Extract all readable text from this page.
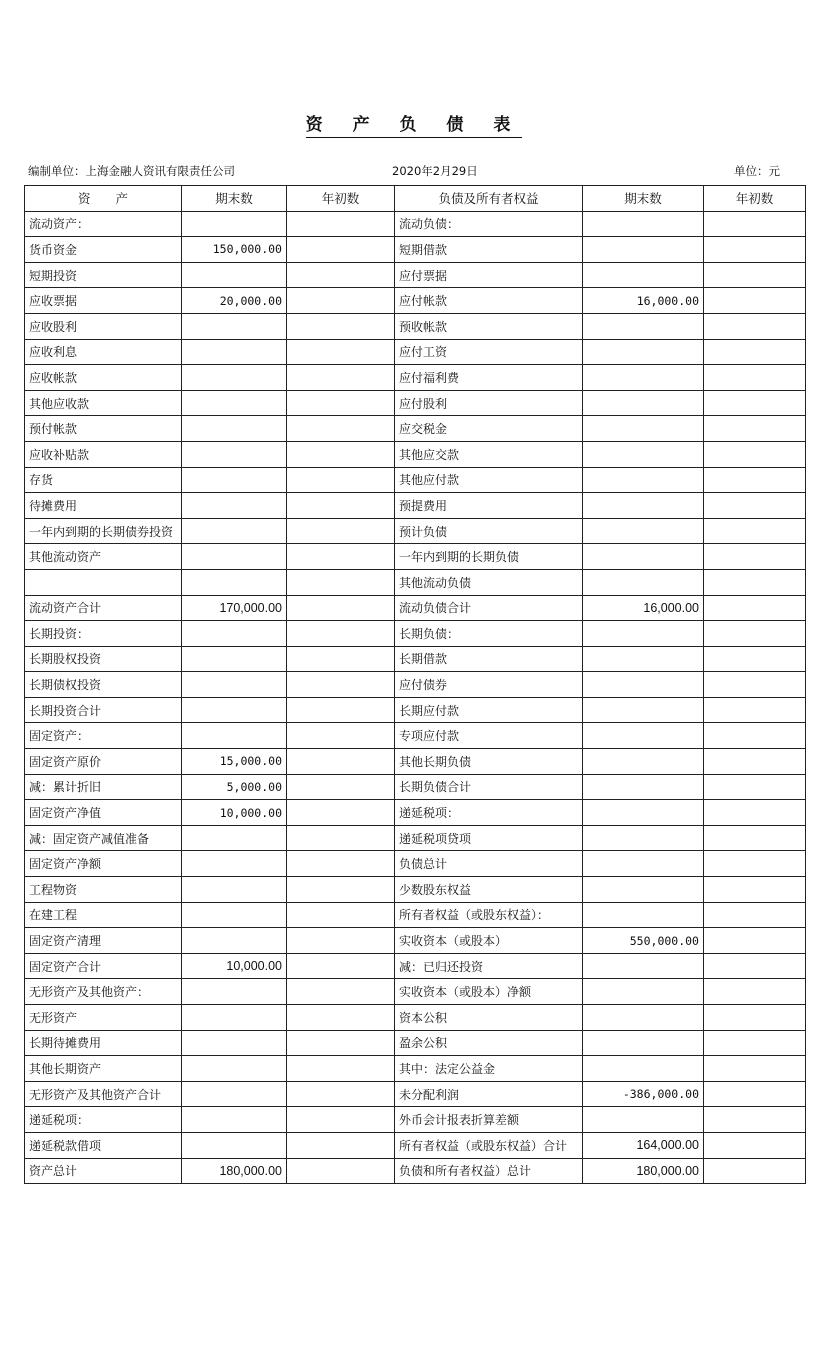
资 产 负 债 表
编制单位：上海金融人资讯有限责任公司	2020年2月29日	单位：元
资　　产	期末数	年初数	负债及所有者权益	期末数	年初数
流动资产：			流动负债：		
货币资金	150,000.00		短期借款		
短期投资			应付票据		
应收票据	20,000.00		应付帐款	16,000.00	
应收股利			预收帐款		
应收利息			应付工资		
应收帐款			应付福利费		
其他应收款			应付股利		
预付帐款			应交税金		
应收补贴款			其他应交款		
存货			其他应付款		
待摊费用			预提费用		
一年内到期的长期债券投资			预计负债		
其他流动资产			一年内到期的长期负债		
			其他流动负债		
流动资产合计	170,000.00		流动负债合计	16,000.00	
长期投资：			长期负债：		
长期股权投资			长期借款		
长期债权投资			应付债券		
长期投资合计			长期应付款		
固定资产：			专项应付款		
固定资产原价	15,000.00		其他长期负债		
减：累计折旧	5,000.00		长期负债合计		
固定资产净值	10,000.00		递延税项：		
减：固定资产减值准备			递延税项贷项		
固定资产净额			负债总计		
工程物资			少数股东权益		
在建工程			所有者权益（或股东权益）：		
固定资产清理			实收资本（或股本）	550,000.00	
固定资产合计	10,000.00		减：已归还投资		
无形资产及其他资产：			实收资本（或股本）净额		
无形资产			资本公积		
长期待摊费用			盈余公积		
其他长期资产			其中：法定公益金		
无形资产及其他资产合计			未分配利润	-386,000.00	
递延税项：			外币会计报表折算差额		
递延税款借项			所有者权益（或股东权益）合计	164,000.00	
资产总计	180,000.00		负债和所有者权益）总计	180,000.00	
